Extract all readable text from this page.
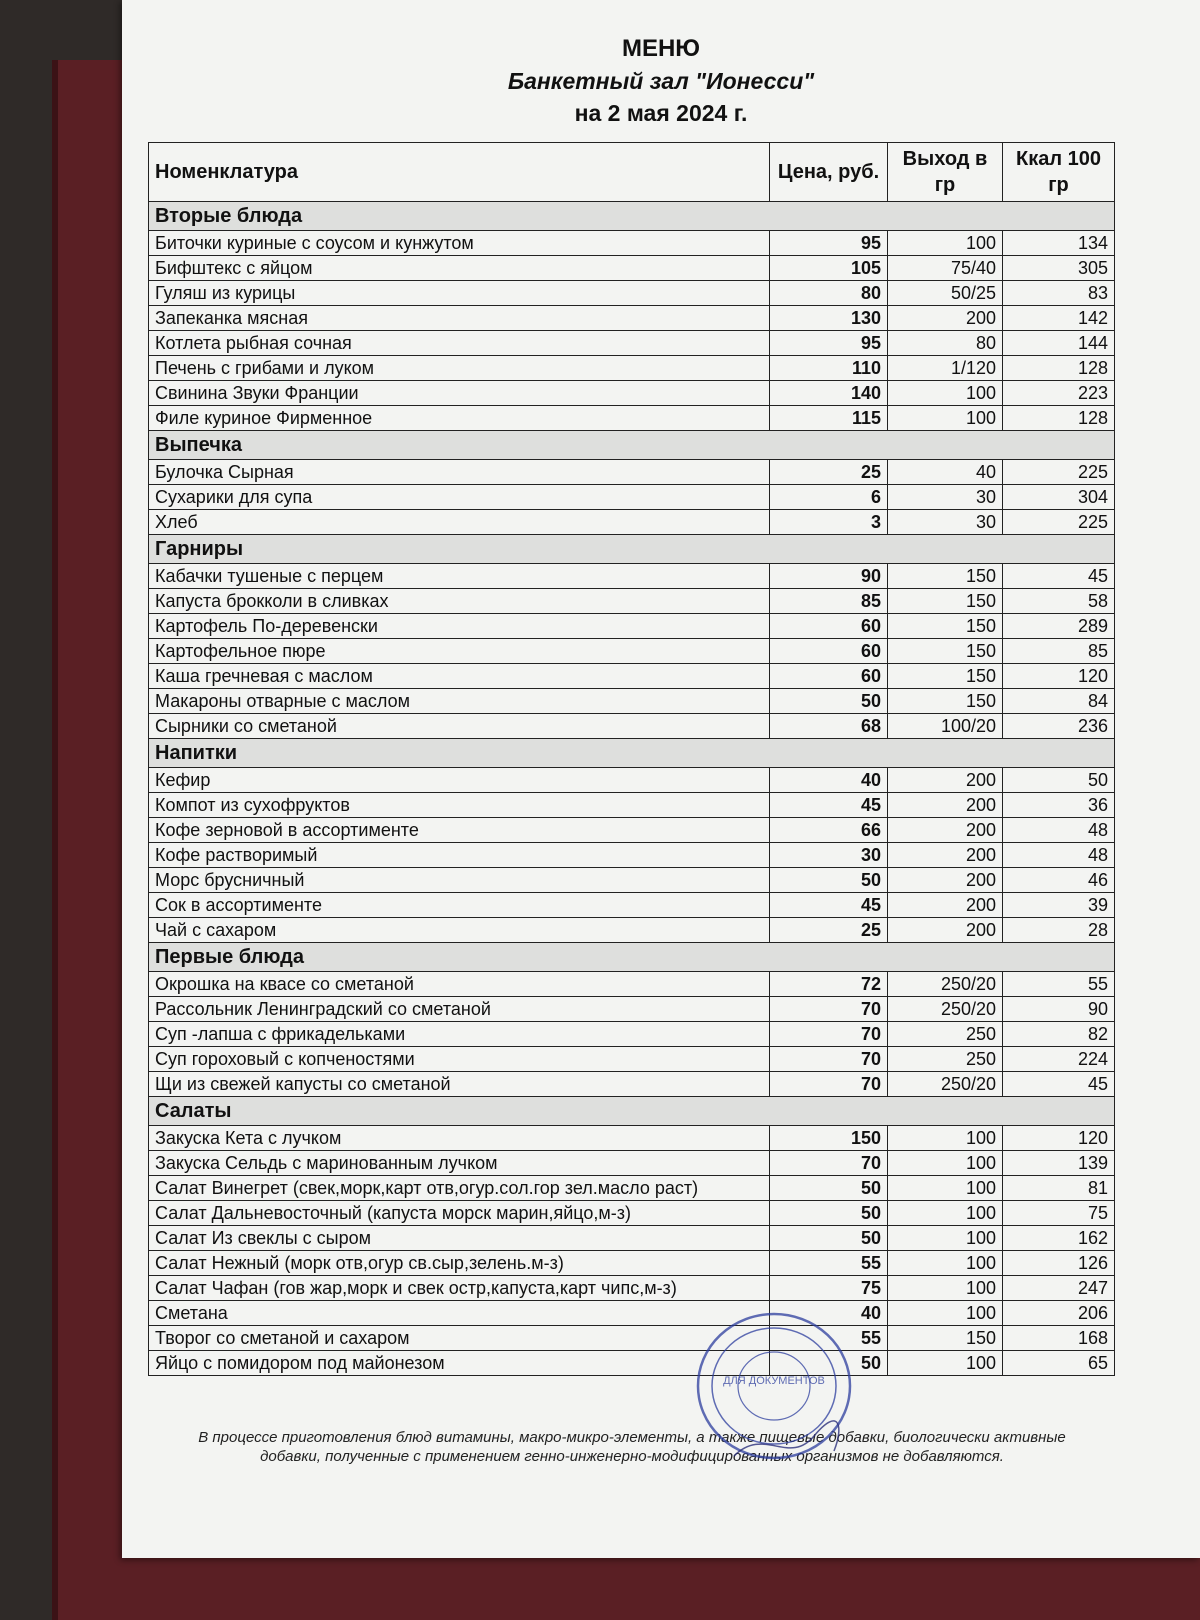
МЕНЮ
Банкетный зал "Ионесси"
на 2 мая 2024 г.
Номенклатура	Цена, руб.	Выход в гр	Ккал 100 гр
Вторые блюда			
Биточки куриные с соусом и кунжутом	95	100	134
Бифштекс с яйцом	105	75/40	305
Гуляш из курицы	80	50/25	83
Запеканка мясная	130	200	142
Котлета рыбная сочная	95	80	144
Печень с грибами и луком	110	1/120	128
Свинина Звуки Франции	140	100	223
Филе куриное Фирменное	115	100	128
Выпечка			
Булочка Сырная	25	40	225
Сухарики для супа	6	30	304
Хлеб	3	30	225
Гарниры			
Кабачки тушеные с перцем	90	150	45
Капуста брокколи в сливках	85	150	58
Картофель По-деревенски	60	150	289
Картофельное пюре	60	150	85
Каша гречневая с маслом	60	150	120
Макароны отварные с маслом	50	150	84
Сырники со сметаной	68	100/20	236
Напитки			
Кефир	40	200	50
Компот из сухофруктов	45	200	36
Кофе зерновой в ассортименте	66	200	48
Кофе растворимый	30	200	48
Морс брусничный	50	200	46
Сок в ассортименте	45	200	39
Чай с сахаром	25	200	28
Первые блюда			
Окрошка на квасе со сметаной	72	250/20	55
Рассольник Ленинградский со сметаной	70	250/20	90
Суп -лапша с фрикадельками	70	250	82
Суп гороховый с копченостями	70	250	224
Щи из свежей капусты со сметаной	70	250/20	45
Салаты			
Закуска Кета с лучком	150	100	120
Закуска Сельдь с маринованным лучком	70	100	139
Салат Винегрет (свек,морк,карт отв,огур.сол.гор зел.масло раст)	50	100	81
Салат Дальневосточный (капуста морск марин,яйцо,м-з)	50	100	75
Салат Из свеклы с сыром	50	100	162
Салат Нежный (морк отв,огур св.сыр,зелень.м-з)	55	100	126
Салат Чафан (гов жар,морк и свек остр,капуста,карт чипс,м-з)	75	100	247
Сметана	40	100	206
Творог со сметаной и сахаром	55	150	168
Яйцо с помидором под майонезом	50	100	65
В процессе приготовления блюд витамины, макро-микро-элементы, а также пищевые добавки, биологически активные добавки, полученные с применением генно-инженерно-модифицированных организмов не добавляются.
ДЛЯ ДОКУМЕНТОВ
